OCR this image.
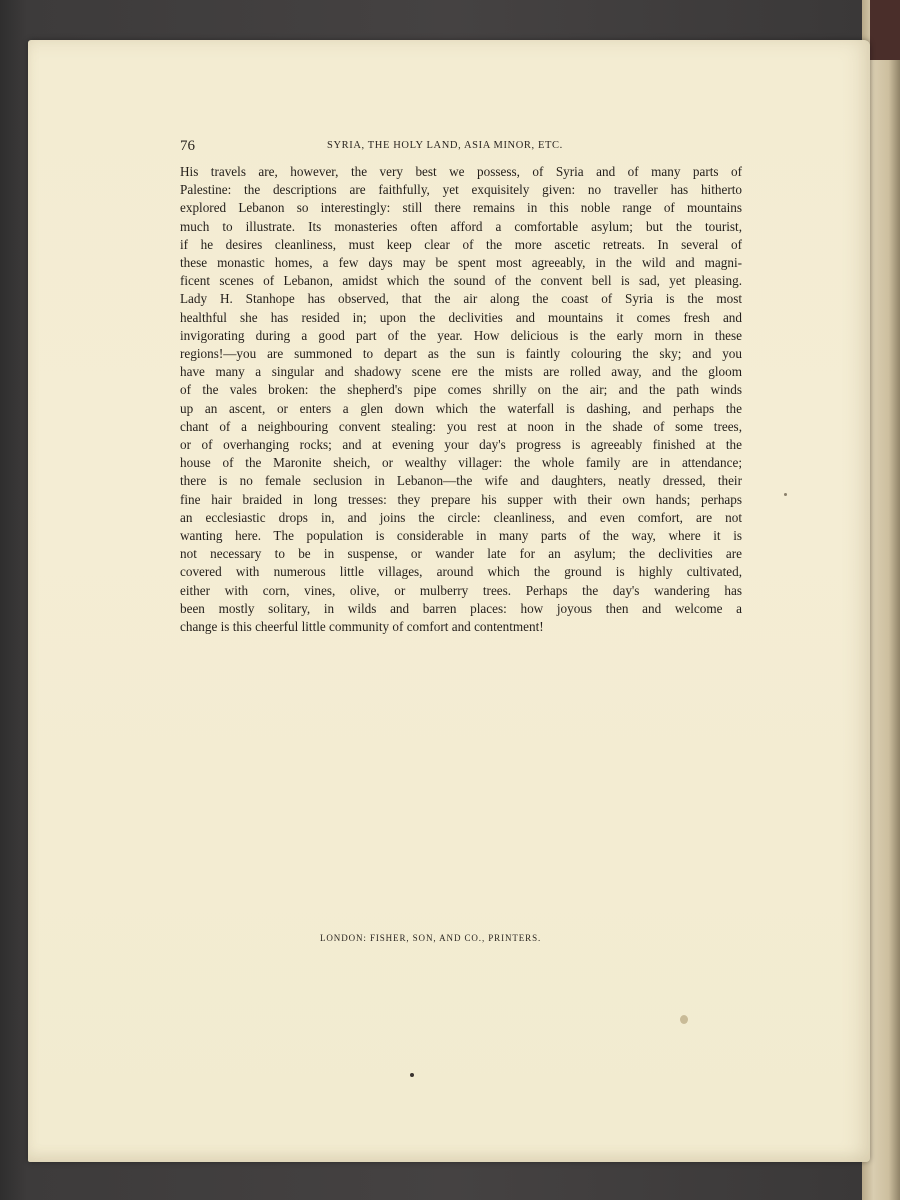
76	SYRIA, THE HOLY LAND, ASIA MINOR, ETC.
His travels are, however, the very best we possess, of Syria and of many parts of
Palestine: the descriptions are faithfully, yet exquisitely given: no traveller has hitherto
explored Lebanon so interestingly: still there remains in this noble range of mountains
much to illustrate. Its monasteries often afford a comfortable asylum; but the tourist,
if he desires cleanliness, must keep clear of the more ascetic retreats. In several of
these monastic homes, a few days may be spent most agreeably, in the wild and magni-
ficent scenes of Lebanon, amidst which the sound of the convent bell is sad, yet pleasing.
Lady H. Stanhope has observed, that the air along the coast of Syria is the most
healthful she has resided in; upon the declivities and mountains it comes fresh and
invigorating during a good part of the year. How delicious is the early morn in these
regions!—you are summoned to depart as the sun is faintly colouring the sky; and you
have many a singular and shadowy scene ere the mists are rolled away, and the gloom
of the vales broken: the shepherd's pipe comes shrilly on the air; and the path winds
up an ascent, or enters a glen down which the waterfall is dashing, and perhaps the
chant of a neighbouring convent stealing: you rest at noon in the shade of some trees,
or of overhanging rocks; and at evening your day's progress is agreeably finished at the
house of the Maronite sheich, or wealthy villager: the whole family are in attendance;
there is no female seclusion in Lebanon—the wife and daughters, neatly dressed, their
fine hair braided in long tresses: they prepare his supper with their own hands; perhaps
an ecclesiastic drops in, and joins the circle: cleanliness, and even comfort, are not
wanting here. The population is considerable in many parts of the way, where it is
not necessary to be in suspense, or wander late for an asylum; the declivities are
covered with numerous little villages, around which the ground is highly cultivated,
either with corn, vines, olive, or mulberry trees. Perhaps the day's wandering has
been mostly solitary, in wilds and barren places: how joyous then and welcome a
change is this cheerful little community of comfort and contentment!
LONDON: FISHER, SON, AND CO., PRINTERS.
